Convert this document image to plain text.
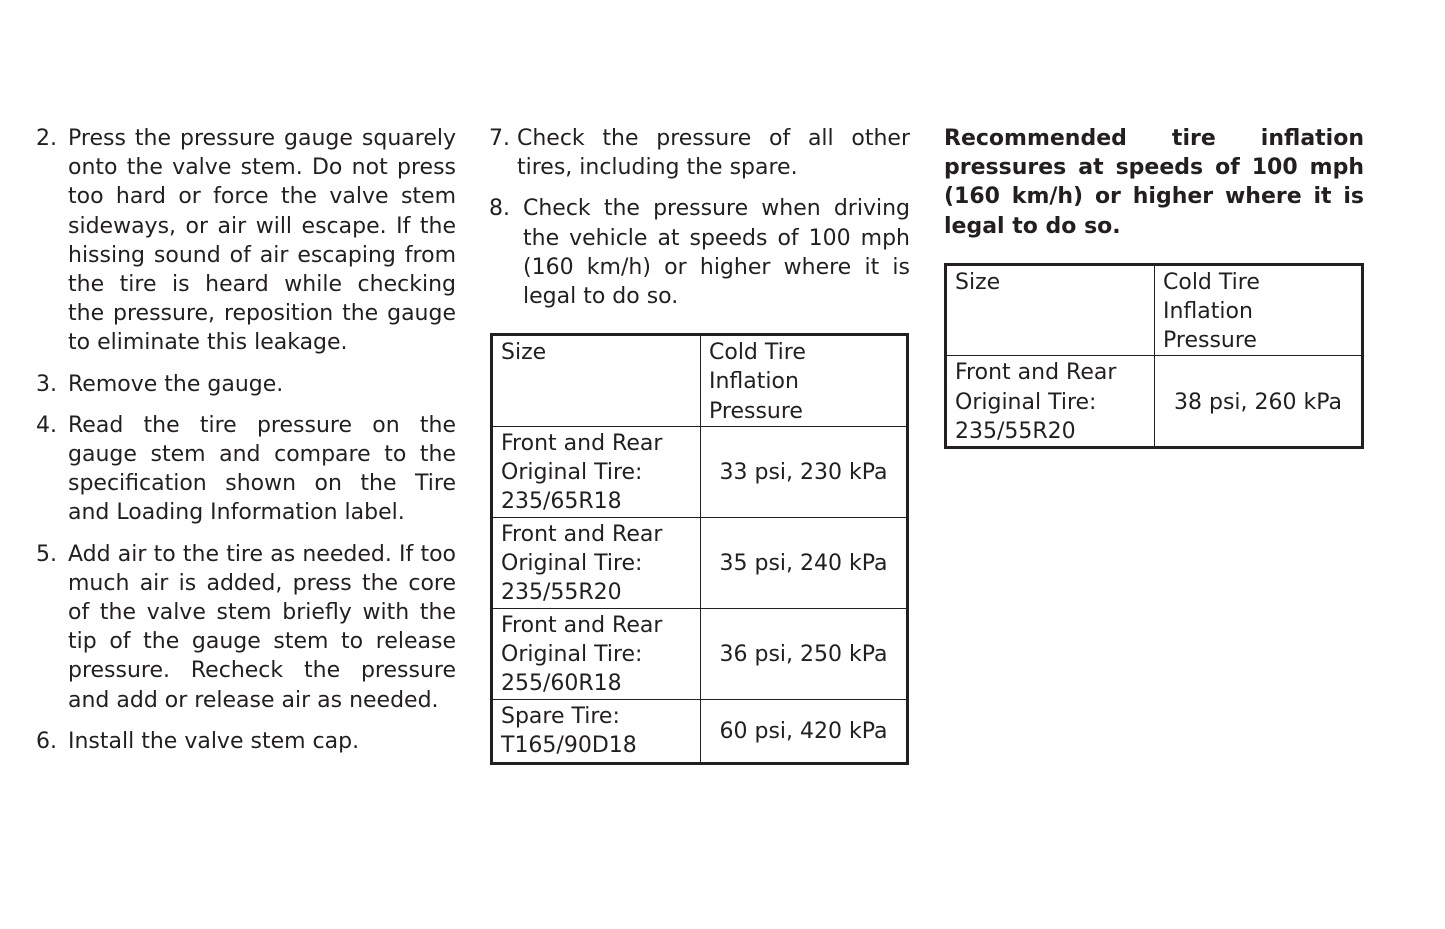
2. Press the pressure gauge squarely onto the valve stem. Do not press too hard or force the valve stem sideways, or air will escape. If the hissing sound of air escaping from the tire is heard while checking the pressure, reposition the gauge to eliminate this leakage.
3. Remove the gauge.
4. Read the tire pressure on the gauge stem and compare to the specification shown on the Tire and Loading Information label.
5. Add air to the tire as needed. If too much air is added, press the core of the valve stem briefly with the tip of the gauge stem to release pressure. Recheck the pressure and add or release air as needed.
6. Install the valve stem cap.
7. Check the pressure of all other tires, including the spare.
8. Check the pressure when driving the vehicle at speeds of 100 mph (160 km/h) or higher where it is legal to do so.
Size	Cold Tire Inflation Pressure

Front and Rear
Original Tire:
235/65R18	33 psi, 230 kPa

Front and Rear
Original Tire:
235/55R20	35 psi, 240 kPa

Front and Rear
Original Tire:
255/60R18	36 psi, 250 kPa

Spare Tire:
T165/90D18	60 psi, 420 kPa
Recommended tire inflation pressures at speeds of 100 mph (160 km/h) or higher where it is legal to do so.
Size	Cold Tire Inflation Pressure

Front and Rear
Original Tire:
235/55R20	38 psi, 260 kPa
